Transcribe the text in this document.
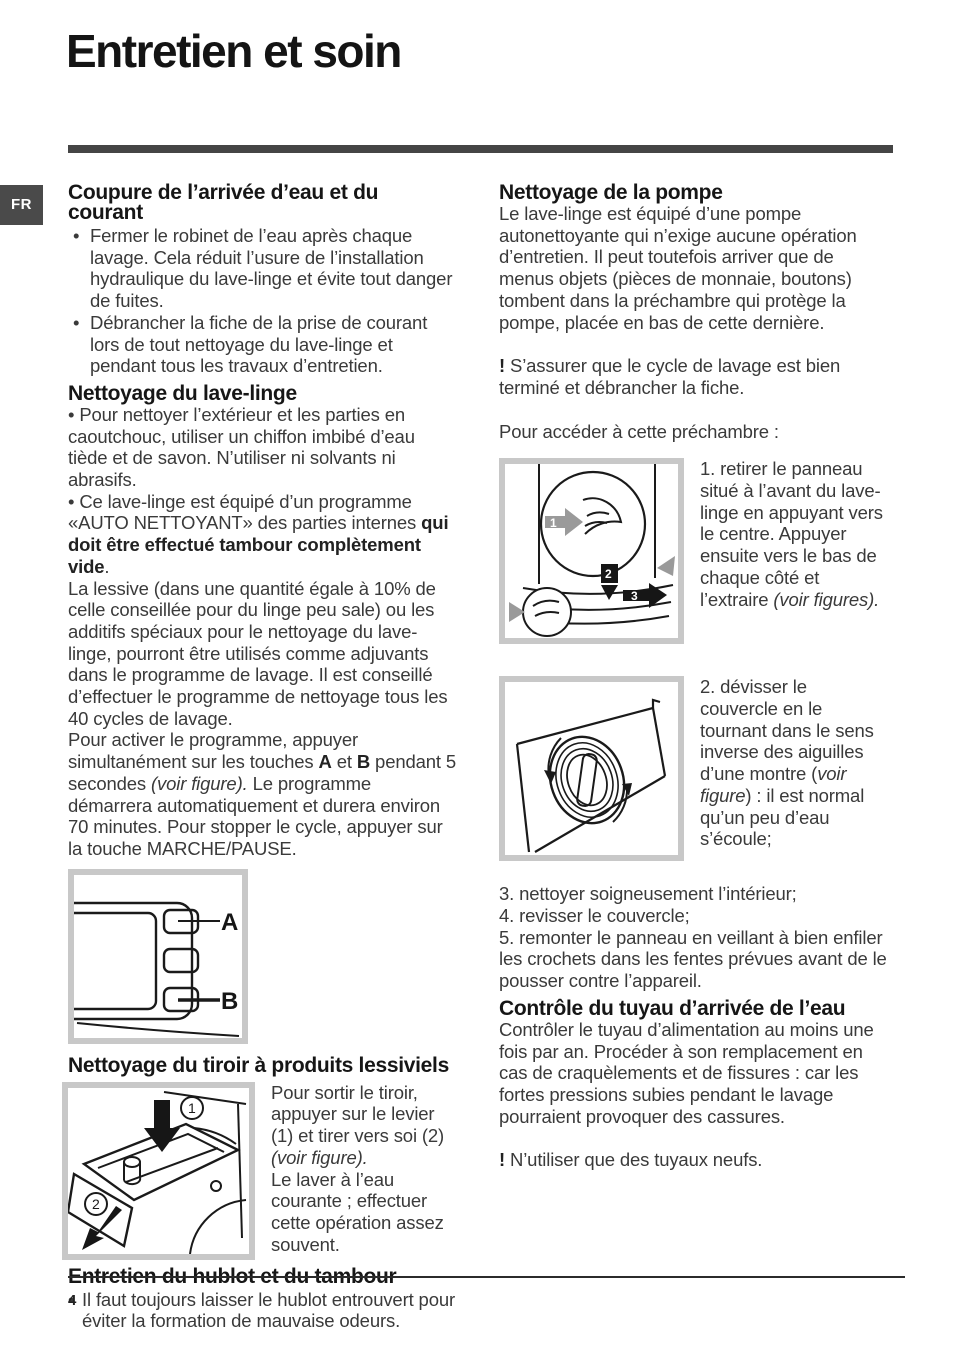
Entretien et soin
FR
Coupure de l’arrivée d’eau et du courant
• Fermer le robinet de l’eau après chaque lavage. Cela réduit l’usure de l’installation hydraulique du lave-linge et évite tout danger de fuites.
• Débrancher la fiche de la prise de courant lors de tout nettoyage du lave-linge et pendant tous les travaux d’entretien.
Nettoyage du lave-linge

• Pour nettoyer l’extérieur et les parties en caoutchouc, utiliser un chiffon imbibé d’eau tiède et de savon. N’utiliser ni solvants ni abrasifs.

• Ce lave-linge est équipé d’un programme «AUTO NETTOYANT» des parties internes qui doit être effectué tambour complètement vide.

La lessive (dans une quantité égale à 10% de celle conseillée pour du linge peu sale) ou les additifs spéciaux pour le nettoyage du lave-linge, pourront être utilisés comme adjuvants dans le programme de lavage. Il est conseillé d’effectuer le programme de nettoyage tous les 40 cycles de lavage.

Pour activer le programme, appuyer simultanément sur les touches A et B pendant 5 secondes (voir figure). Le programme démarrera automatiquement et durera environ 70 minutes. Pour stopper le cycle, appuyer sur la touche MARCHE/PAUSE.

A
B
Nettoyage du tiroir à produits lessiviels
1
2

Pour sortir le tiroir, appuyer sur le levier (1) et tirer vers soi (2) (voir figure).

Le laver à l’eau courante ; effectuer cette opération assez souvent.

Entretien du hublot et du tambour
• Il faut toujours laisser le hublot entrouvert pour éviter la formation de mauvaise odeurs.
Nettoyage de la pompe

Le lave-linge est équipé d’une pompe autonettoyante qui n’exige aucune opération d’entretien. Il peut toutefois arriver que de menus objets (pièces de monnaie, boutons) tombent dans la préchambre qui protège la pompe, placée en bas de cette dernière.

! S’assurer que le cycle de lavage est bien terminé et débrancher la fiche.

Pour accéder à cette préchambre :

1
2
3

1. retirer le panneau situé à l’avant du lave-linge en appuyant vers le centre. Appuyer ensuite vers le bas de chaque côté et l’extraire (voir figures).

2. dévisser le couvercle en le tournant dans le sens inverse des aiguilles d’une montre (voir figure) : il est normal qu’un peu d’eau s’écoule;

3. nettoyer soigneusement l’intérieur;

4. revisser le couvercle;

5. remonter le panneau en veillant à bien enfiler les crochets dans les fentes prévues avant de le pousser contre l’appareil.

Contrôle du tuyau d’arrivée de l’eau

Contrôler le tuyau d’alimentation au moins une fois par an. Procéder à son remplacement en cas de craquèlements et de fissures : car les fortes pressions subies pendant le lavage pourraient provoquer des cassures.

! N’utiliser que des tuyaux neufs.

4
